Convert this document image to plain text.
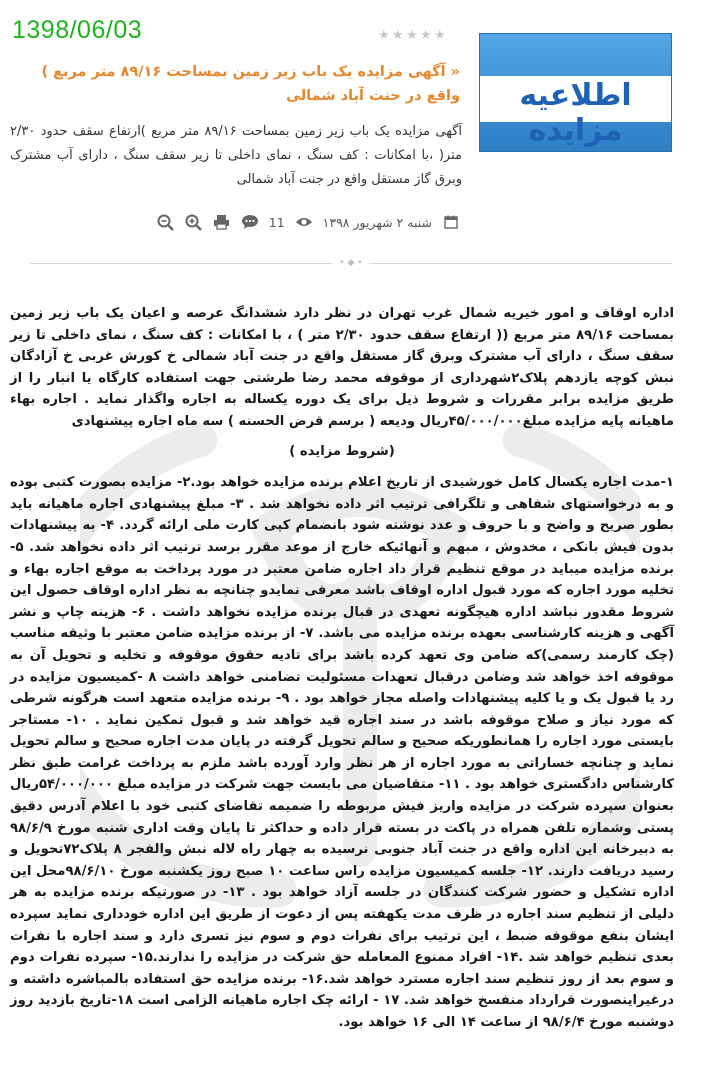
1398/06/03
اطلاعیه مزایده
★ ★ ★ ★ ★
« آگهی مزایده یک باب زیر زمین بمساحت ۸۹/۱۶ متر مربع ) واقع در جنت آباد شمالی
آگهی مزایده یک باب زیر زمین بمساحت ۸۹/۱۶ متر مربع )ارتفاع سقف حدود ۲/۳۰ متر( ،با امکانات : کف سنگ ، نمای داخلی تا زیر سقف سنگ ، دارای آب مشترک وبرق گاز مستقل واقع در جنت آباد شمالی
شنبه ۲ شهریور ۱۳۹۸
11
• ◆ •

اداره اوقاف و امور خیریه شمال غرب تهران در نظر دارد ششدانگ عرصه و اعیان یک باب زیر زمین بمساحت ۸۹/۱۶ متر مربع (( ارتفاع سقف حدود ۲/۳۰ متر ) ، با امکانات : کف سنگ ، نمای داخلی تا زیر سقف سنگ ، دارای آب مشترک وبرق گاز مستقل واقع در جنت آباد شمالی خ کورش غربی خ آزادگان نبش کوچه یازدهم پلاک۲شهرداری از موقوفه محمد رضا طرشتی جهت استفاده کارگاه یا انبار را از طریق مزایده برابر مقررات و شروط ذیل برای یک دوره یکساله به اجاره واگذار نماید . اجاره بهاء ماهیانه پایه مزایده مبلغ۴۵/۰۰۰/۰۰۰ریال ودیعه ( برسم قرض الحسنه ) سه ماه اجاره پیشنهادی

(شروط مزایده )

۱-مدت اجاره یکسال کامل خورشیدی از تاریخ اعلام برنده مزایده خواهد بود.۲- مزایده بصورت کتبی بوده و به درخواستهای شفاهی و تلگرافی ترتیب اثر داده نخواهد شد . ۳- مبلغ پیشنهادی اجاره ماهیانه باید بطور صریح و واضح و با حروف و عدد نوشته شود بانضمام کپی کارت ملی ارائه گردد. ۴- به پیشنهادات بدون فیش بانکی ، مخدوش ، مبهم و آنهائیکه خارج از موعد مقرر برسد ترتیب اثر داده نخواهد شد. ۵- برنده مزایده میباید در موقع تنظیم قرار داد اجاره ضامن معتبر در مورد پرداخت به موقع اجاره بهاء و تخلیه مورد اجاره که مورد قبول اداره اوقاف باشد معرفی نمایدو چنانچه به نظر اداره اوقاف حصول این شروط مقدور نباشد اداره هیچگونه تعهدی در قبال برنده مزایده نخواهد داشت . ۶- هزینه چاپ و نشر آگهی و هزینه کارشناسی بعهده برنده مزایده می باشد. ۷- از برنده مزایده ضامن معتبر با وثیقه مناسب (چک کارمند رسمی)که ضامن وی تعهد کرده باشد برای تادیه حقوق موقوفه و تخلیه و تحویل آن به موقوفه اخذ خواهد شد وضامن درقبال تعهدات مسئولیت تضامنی خواهد داشت ۸ -کمیسیون مزایده در رد یا قبول یک و یا کلیه پیشنهادات واصله مجاز خواهد بود . ۹- برنده مزایده متعهد است هرگونه شرطی که مورد نیاز و صلاح موقوفه باشد در سند اجاره قید خواهد شد و قبول تمکین نماید . ۱۰- مستاجر بایستی مورد اجاره را همانطوریکه صحیح و سالم تحویل گرفته در پایان مدت اجاره صحیح و سالم تحویل نماید و چنانچه خساراتی به مورد اجاره از هر نظر وارد آورده باشد ملزم به پرداخت غرامت طبق نظر کارشناس دادگستری خواهد بود . ۱۱- متقاضیان می بایست جهت شرکت در مزایده مبلغ ۵۴/۰۰۰/۰۰۰ریال بعنوان سپرده شرکت در مزایده واریز فیش مربوطه را ضمیمه تقاضای کتبی خود با اعلام آدرس دقیق پستی وشماره تلفن همراه در پاکت در بسته قرار داده و حداکثر تا پایان وقت اداری شنبه مورخ ۹۸/۶/۹ به دبیرخانه این اداره واقع در جنت آباد جنوبی نرسیده به چهار راه لاله نبش والفجر ۸ پلاک۷۲تحویل و رسید دریافت دارند. ۱۲- جلسه کمیسیون مزایده راس ساعت ۱۰ صبح روز یکشنبه مورخ ۹۸/۶/۱۰محل این اداره تشکیل و حضور شرکت کنندگان در جلسه آزاد خواهد بود . ۱۳- در صورتیکه برنده مزایده به هر دلیلی از تنظیم سند اجاره در ظرف مدت یکهفته پس از دعوت از طریق این اداره خودداری نماید سپرده ایشان بنفع موقوفه ضبط ، این ترتیب برای نفرات دوم و سوم نیز تسری دارد و سند اجاره با نفرات بعدی تنظیم خواهد شد .۱۴- افراد ممنوع المعامله حق شرکت در مزایده را ندارند.۱۵- سپرده نفرات دوم و سوم بعد از روز تنظیم سند اجاره مسترد خواهد شد.۱۶- برنده مزایده حق استفاده بالمباشره داشته و درغیراینصورت قرارداد منفسخ خواهد شد. ۱۷ - ارائه چک اجاره ماهیانه الزامی است ۱۸-تاریخ بازدید روز دوشنبه مورخ ۹۸/۶/۴ از ساعت ۱۴ الی ۱۶ خواهد بود.
